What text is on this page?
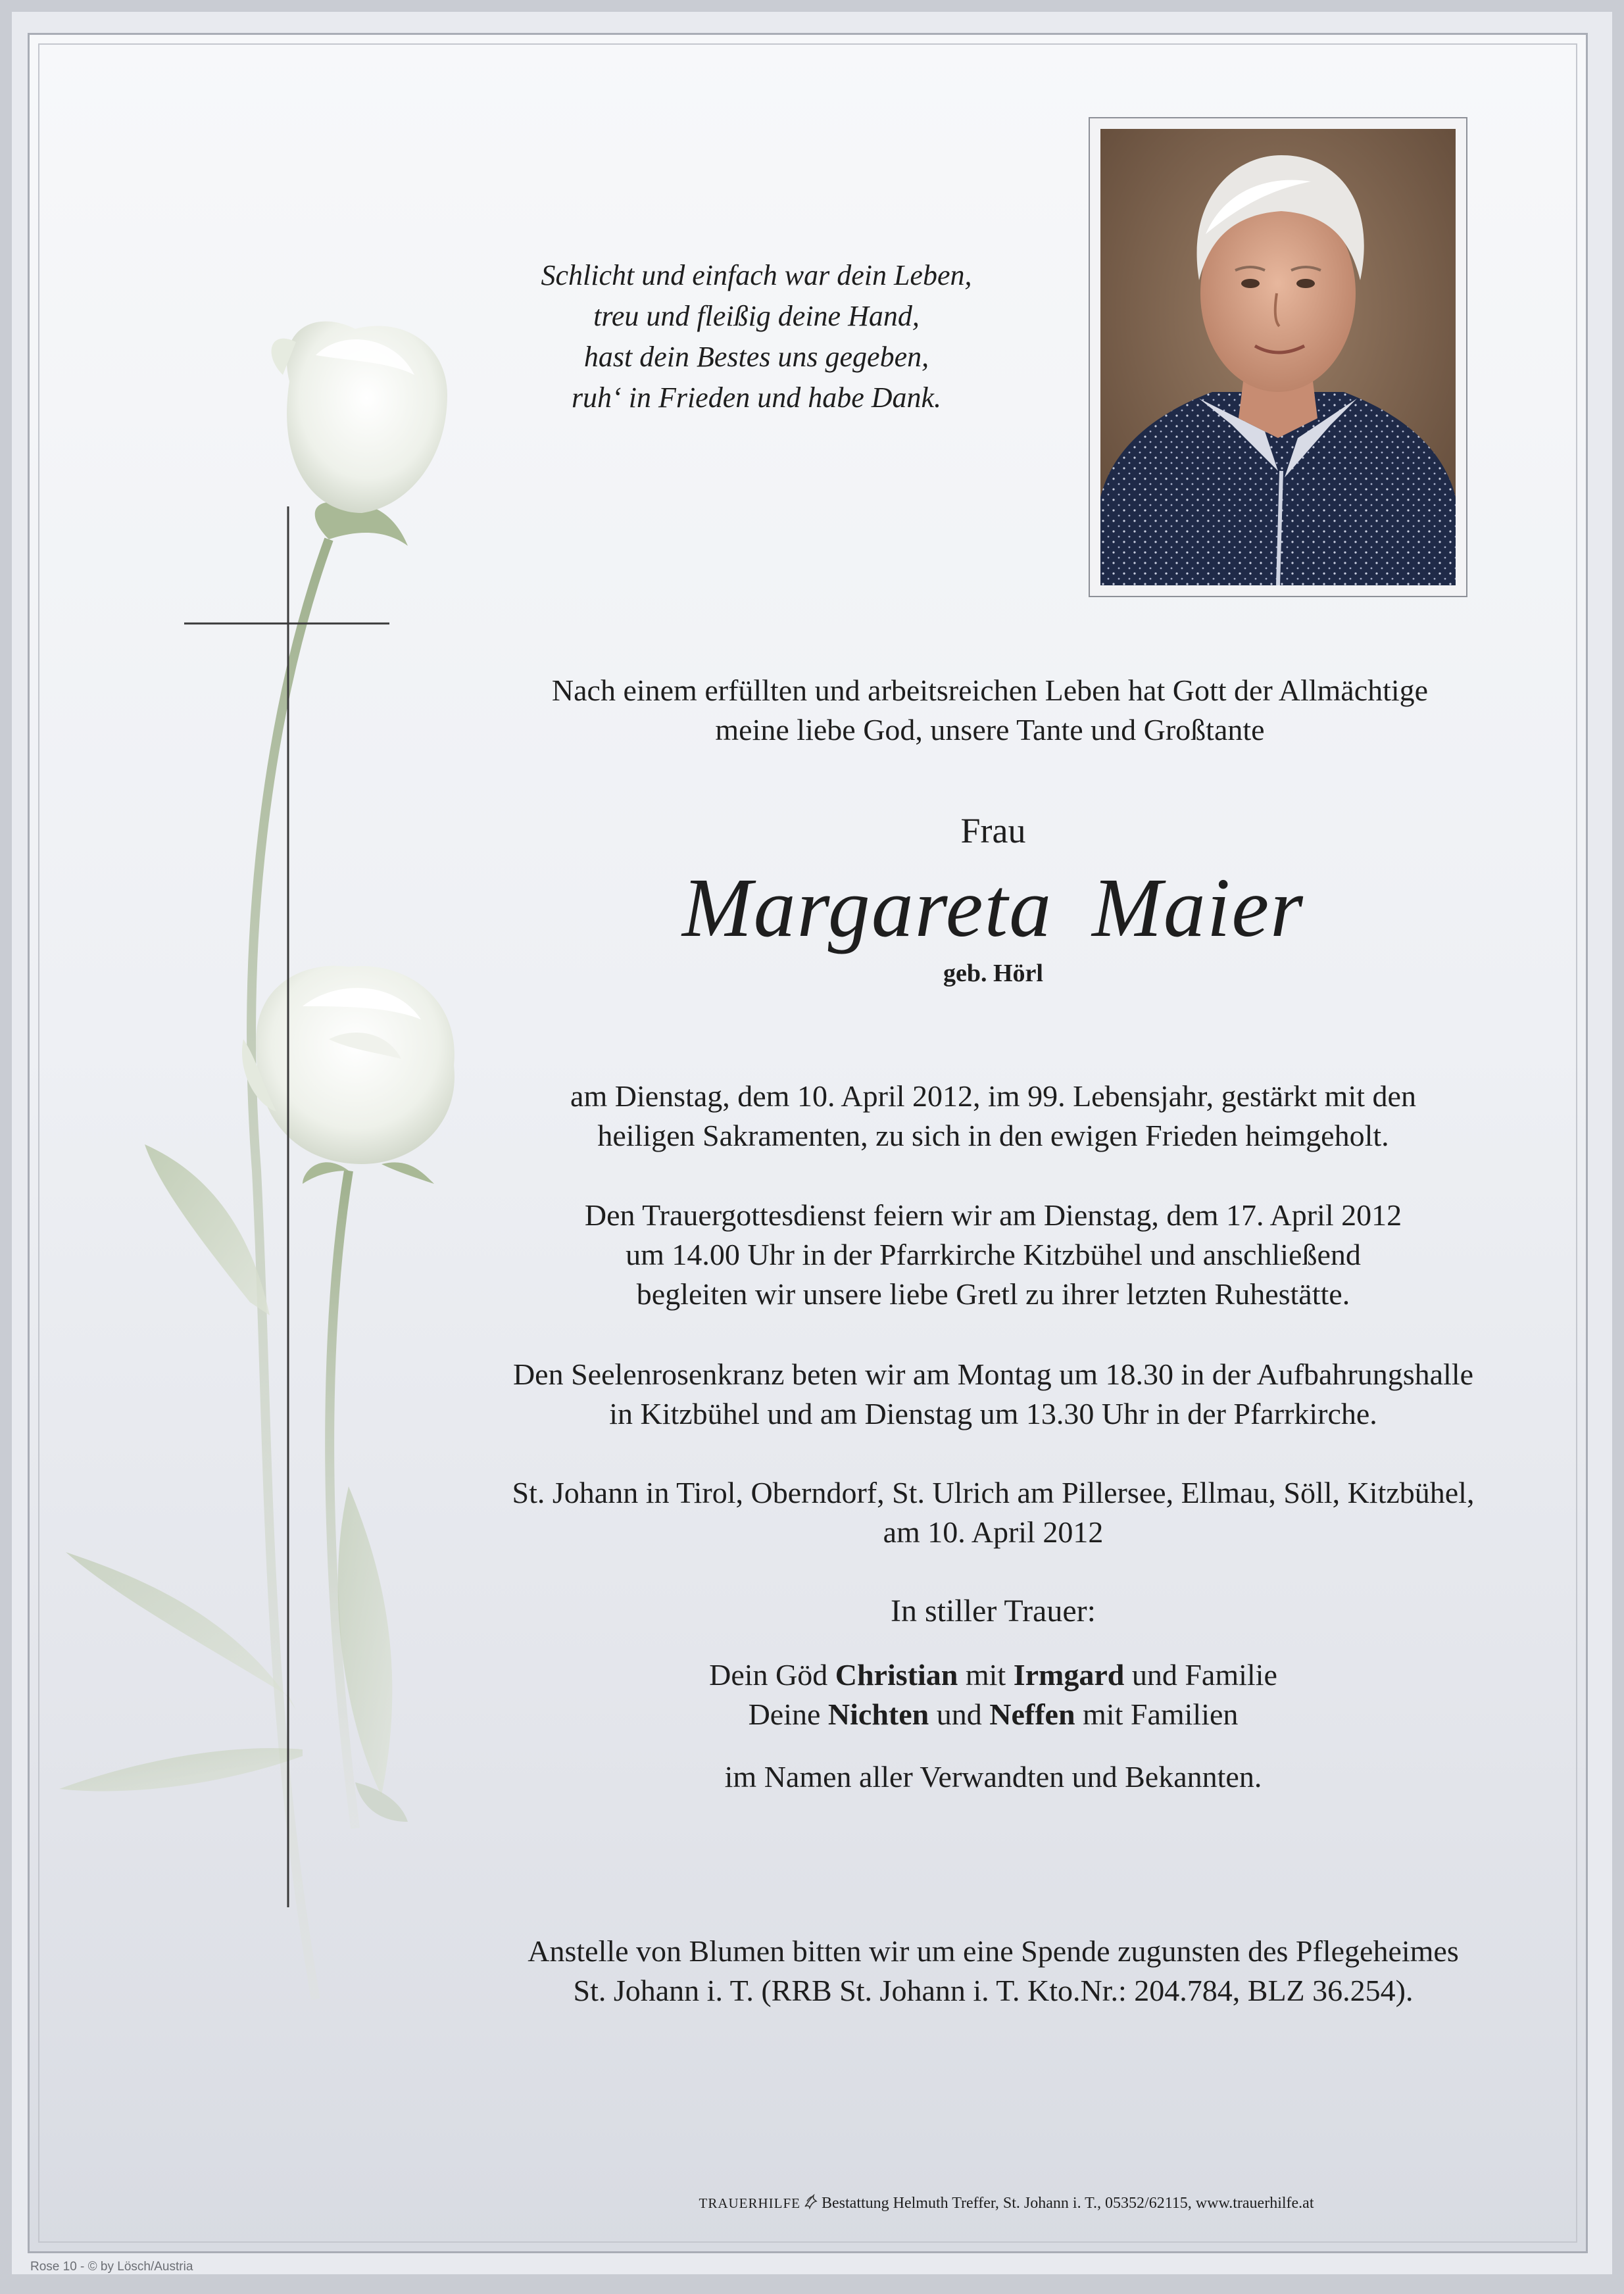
Schlicht und einfach war dein Leben,
treu und fleißig deine Hand,
hast dein Bestes uns gegeben,
ruh‘ in Frieden und habe Dank.
Nach einem erfüllten und arbeitsreichen Leben hat Gott der Allmächtige
meine liebe God, unsere Tante und Großtante
Frau
Margareta Maier
geb. Hörl
am Dienstag, dem 10. April 2012, im 99. Lebensjahr, gestärkt mit den
heiligen Sakramenten, zu sich in den ewigen Frieden heimgeholt.
Den Trauergottesdienst feiern wir am Dienstag, dem 17. April 2012
um 14.00 Uhr in der Pfarrkirche Kitzbühel und anschließend
begleiten wir unsere liebe Gretl zu ihrer letzten Ruhestätte.
Den Seelenrosenkranz beten wir am Montag um 18.30 in der Aufbahrungshalle
in Kitzbühel und am Dienstag um 13.30 Uhr in der Pfarrkirche.
St. Johann in Tirol, Oberndorf, St. Ulrich am Pillersee, Ellmau, Söll, Kitzbühel,
am 10. April 2012
In stiller Trauer:
Dein Göd Christian mit Irmgard und Familie
Deine Nichten und Neffen mit Familien
im Namen aller Verwandten und Bekannten.
Anstelle von Blumen bitten wir um eine Spende zugunsten des Pflegeheimes
St. Johann i. T. (RRB St. Johann i. T. Kto.Nr.: 204.784, BLZ 36.254).
TRAUERHILFE Bestattung Helmuth Treffer, St. Johann i. T., 05352/62115, www.trauerhilfe.at
Rose 10 - © by Lösch/Austria
